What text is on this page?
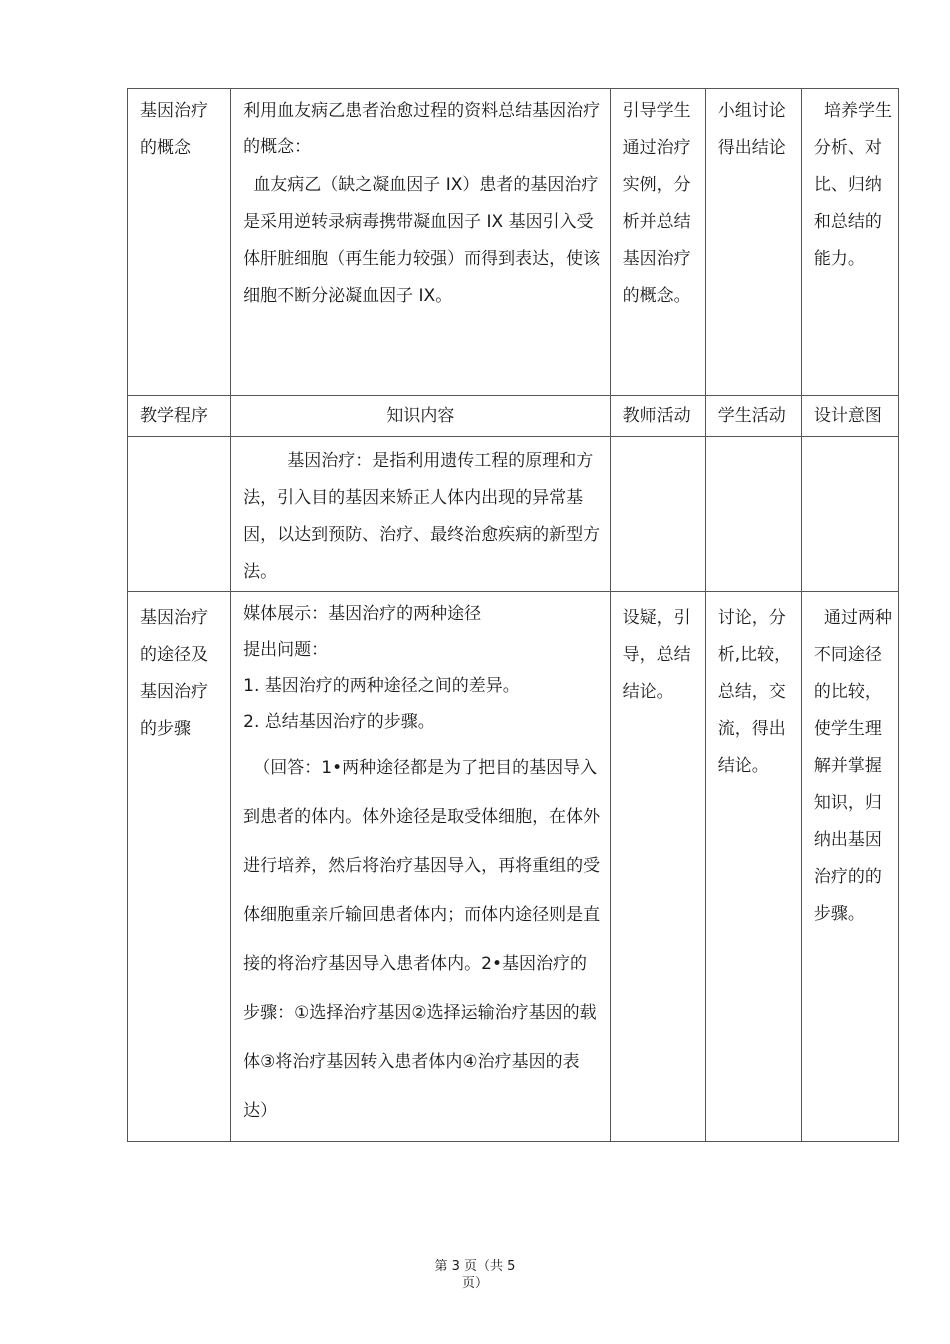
基因治疗的概念	利用血友病乙患者治愈过程的资料总结基因治疗的概念：

血友病乙（缺之凝血因子 IX）患者的基因治疗是采用逆转录病毒携带凝血因子 IX 基因引入受体肝脏细胞（再生能力较强）而得到表达，使该细胞不断分泌凝血因子 IX。	引导学生通过治疗实例，分析并总结基因治疗的概念。	小组讨论得出结论	培养学生分析、对比、归纳和总结的能力。

教学程序	知识内容	教师活动	学生活动	设计意图

	基因治疗：是指利用遗传工程的原理和方法，引入目的基因来矫正人体内出现的异常基因，以达到预防、治疗、最终治愈疾病的新型方法。			

基因治疗的途径及基因治疗的步骤	媒体展示：基因治疗的两种途径

提出问题：

1. 基因治疗的两种途径之间的差异。

2. 总结基因治疗的步骤。

（回答：1•两种途径都是为了把目的基因导入到患者的体内。体外途径是取受体细胞，在体外进行培养，然后将治疗基因导入，再将重组的受体细胞重亲斤输回患者体内；而体内途径则是直接的将治疗基因导入患者体内。2•基因治疗的步骤：①选择治疗基因②选择运输治疗基因的载体③将治疗基因转入患者体内④治疗基因的表达）	设疑，引导，总结结论。	讨论，分析,比较，总结，交流，得出结论。	通过两种不同途径的比较，使学生理解并掌握知识，归纳出基因治疗的的步骤。
第 3 页（共 5
页）
